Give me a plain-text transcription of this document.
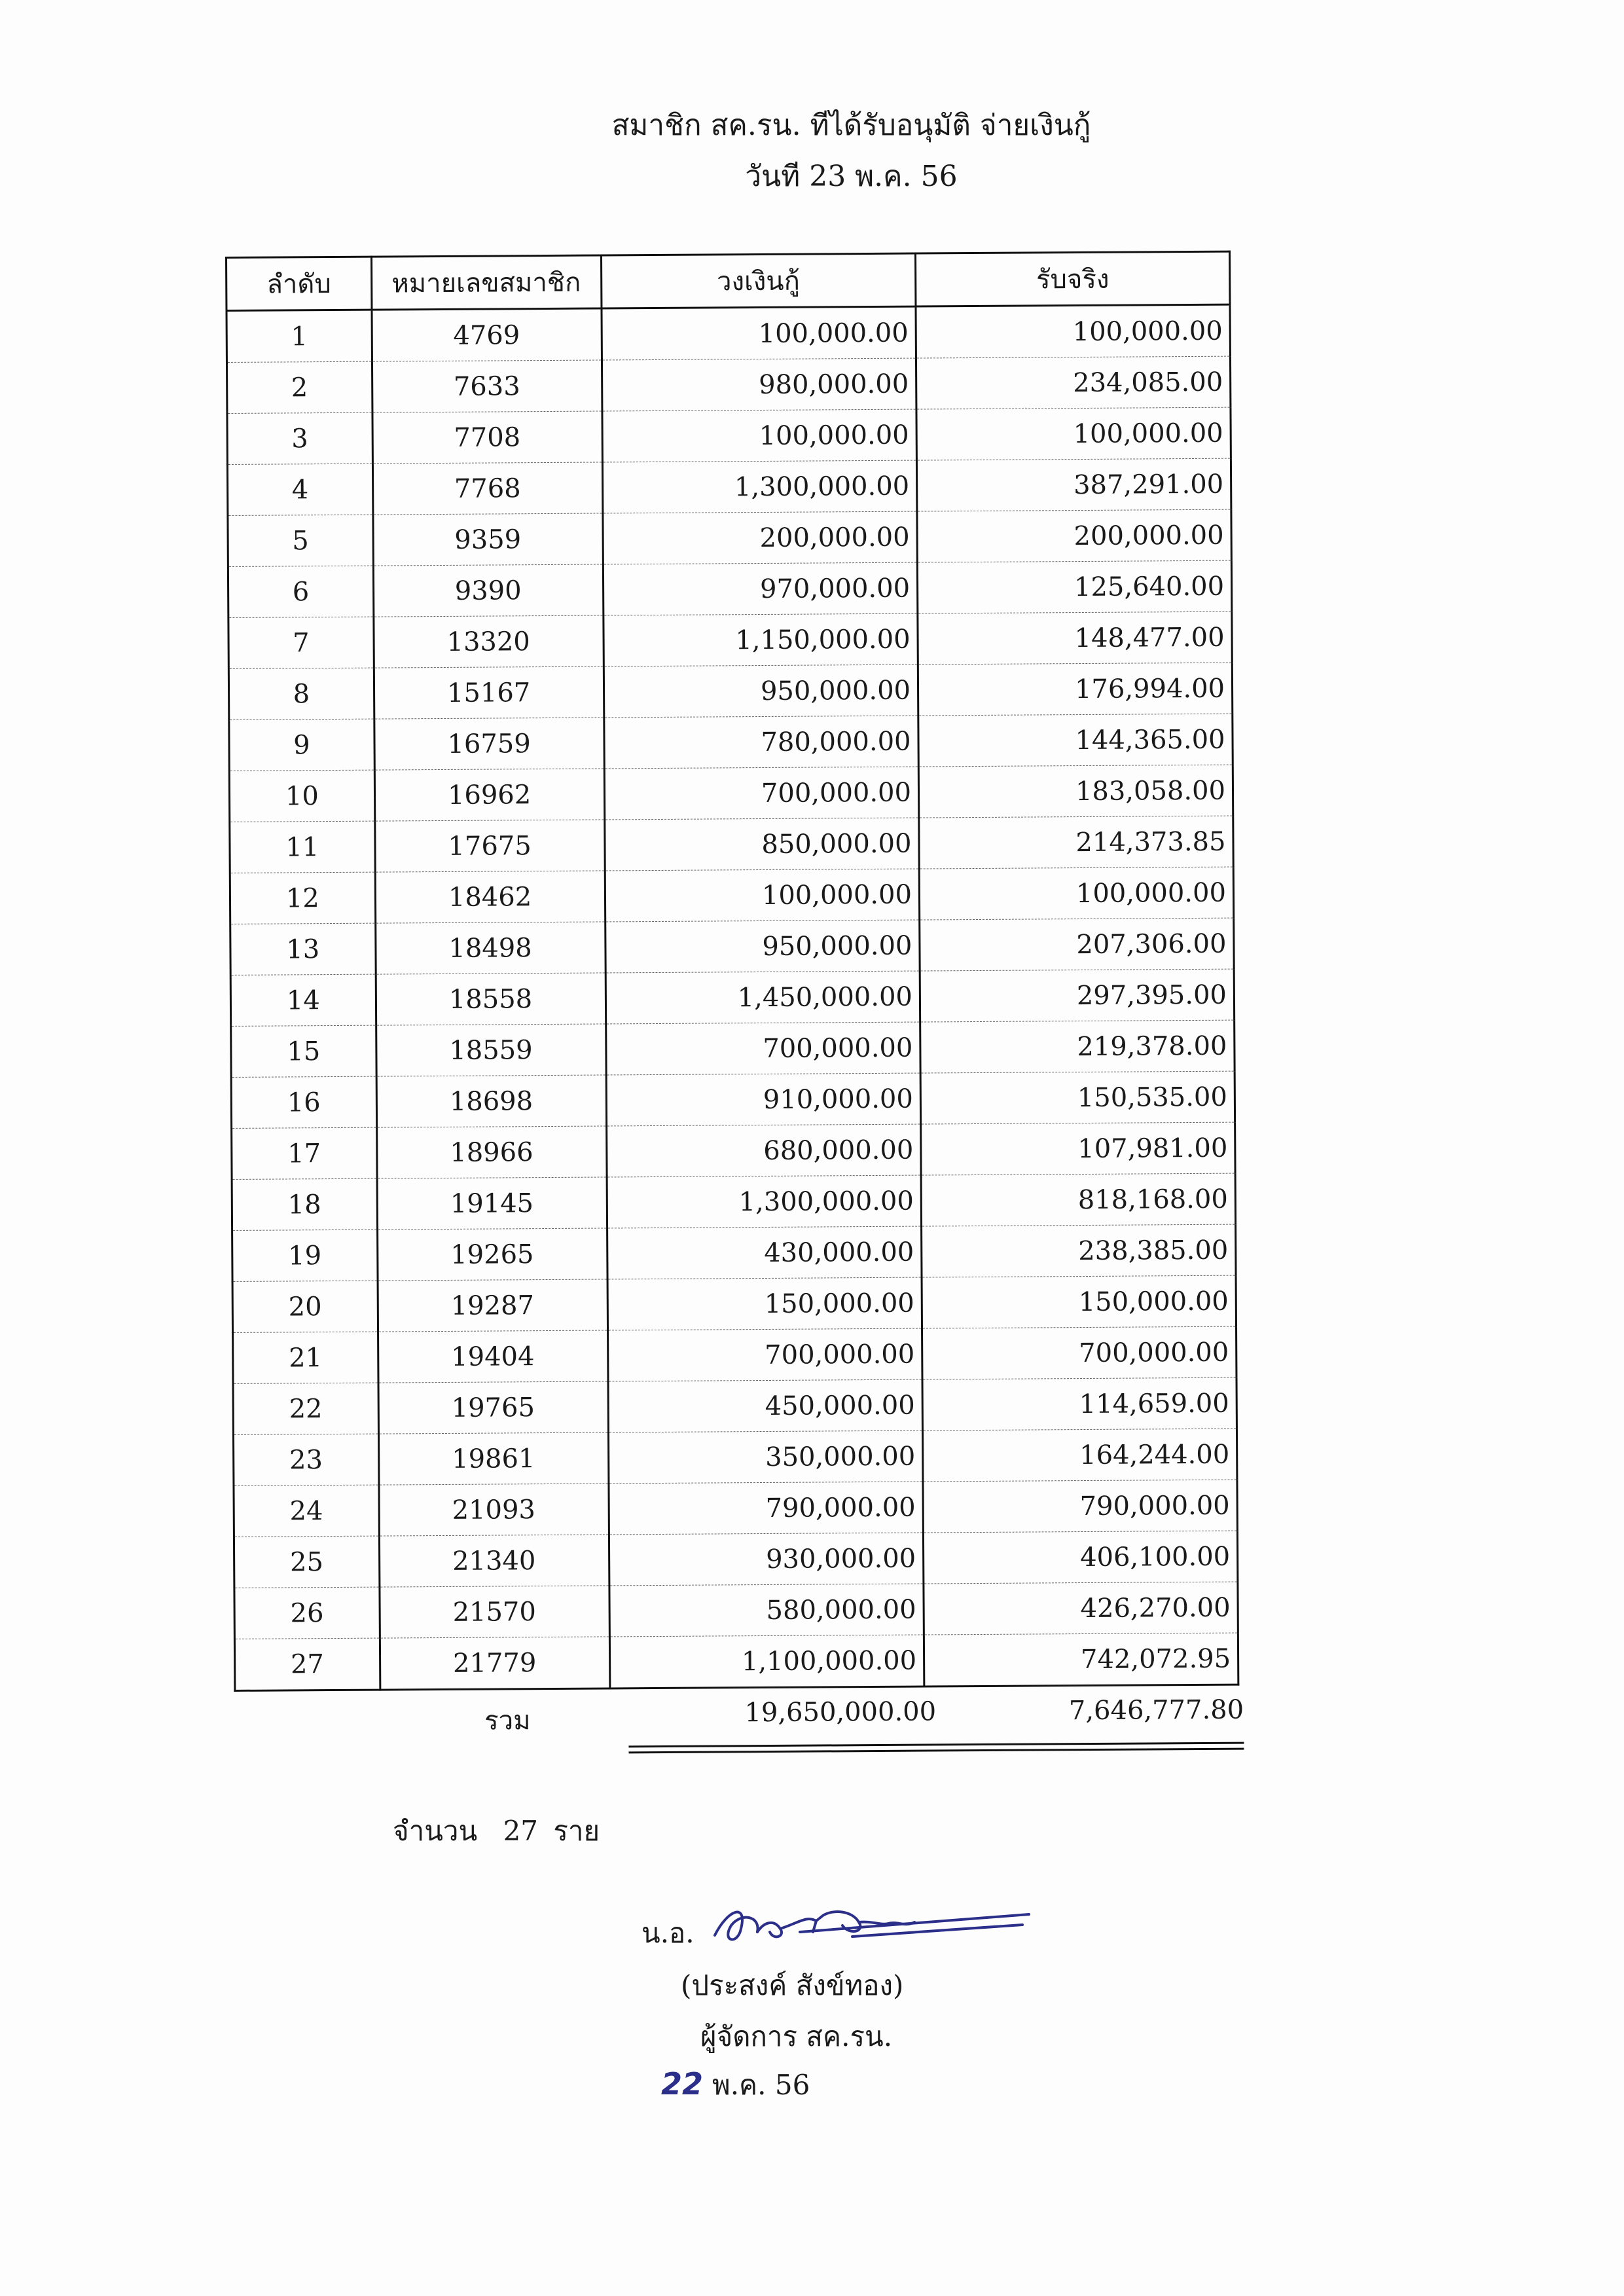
สมาชิก สค.รน. ทีได้รับอนุมัติ จ่ายเงินกู้
วันที 23 พ.ค. 56
ลำดับ	หมายเลขสมาชิก	วงเงินกู้	รับจริง
1	4769	100,000.00	100,000.00
2	7633	980,000.00	234,085.00
3	7708	100,000.00	100,000.00
4	7768	1,300,000.00	387,291.00
5	9359	200,000.00	200,000.00
6	9390	970,000.00	125,640.00
7	13320	1,150,000.00	148,477.00
8	15167	950,000.00	176,994.00
9	16759	780,000.00	144,365.00
10	16962	700,000.00	183,058.00
11	17675	850,000.00	214,373.85
12	18462	100,000.00	100,000.00
13	18498	950,000.00	207,306.00
14	18558	1,450,000.00	297,395.00
15	18559	700,000.00	219,378.00
16	18698	910,000.00	150,535.00
17	18966	680,000.00	107,981.00
18	19145	1,300,000.00	818,168.00
19	19265	430,000.00	238,385.00
20	19287	150,000.00	150,000.00
21	19404	700,000.00	700,000.00
22	19765	450,000.00	114,659.00
23	19861	350,000.00	164,244.00
24	21093	790,000.00	790,000.00
25	21340	930,000.00	406,100.00
26	21570	580,000.00	426,270.00
27	21779	1,100,000.00	742,072.95
รวม	19,650,000.00	7,646,777.80
จำนวน 27 ราย
น.อ.
(ประสงค์ สังข์ทอง)
ผู้จัดการ สค.รน.
22 พ.ค. 56
